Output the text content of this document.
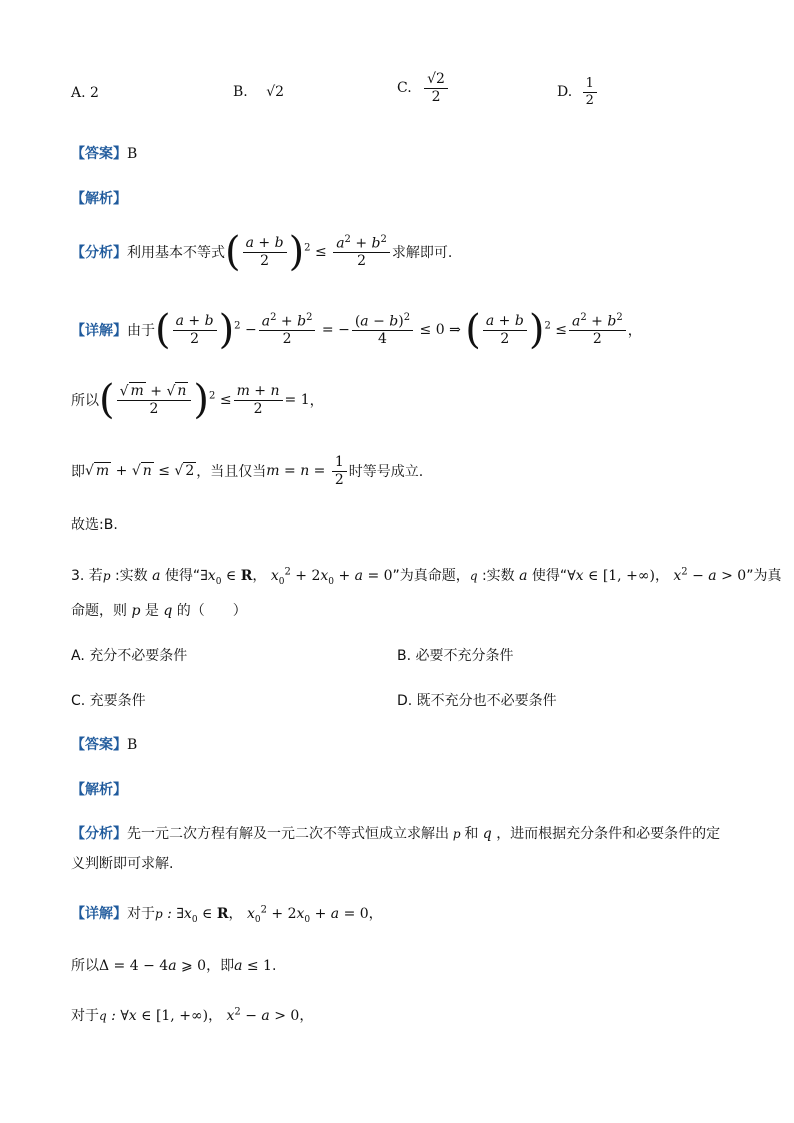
A. 2	B. √2	C. $\frac{√2}{2}$	D. $\frac{1}{2}$
【答案】B
【解析】
【分析】 利用基本不等式 ( $\frac{a + b}{2} )^2 \le \frac{a^2 + b^2}{2}$ 求解即可.
【详解】 由于 ( $\frac{a + b}{2} )^2 - \frac{a^2 + b^2}{2}$ = − $\frac{(a - b)^2}{4} \le 0$ ⇒ ( $\frac{a + b}{2} )^2 \le \frac{a^2 + b^2}{2}$ ，
所以 ( $\frac{√ m + √ n}{2} )^2 \le \frac{m + n}{2} = 1$ ，
即 √ m + √ n ≤ √ 2 ，当且仅当 $m = n = \frac{1}{2}$ 时等号成立.
故选:B.
3. 若p :实数 a 使得“$\exists x_0$ ∈ R， $x_0^2 + 2x_0 + a = 0$”为真命题，q :实数 a 使得“∀x ∈ [1, +∞)， $x^2 - a > 0$”为真
命题，则 p 是 q 的（　　）
A. 充分不必要条件	B. 必要不充分条件
C. 充要条件	D. 既不充分也不必要条件
【答案】B
【解析】
【分析】先一元二次方程有解及一元二次不等式恒成立求解出 p 和 q ，进而根据充分条件和必要条件的定
义判断即可求解.
【详解】对于p : $\exists x_0$ ∈ R， $x_0^2 + 2x_0 + a = 0$，
所以Δ = 4 − 4a ⩾ 0，即a ≤ 1.
对于q : ∀x ∈ [1, +∞)， $x^2 - a > 0$，
